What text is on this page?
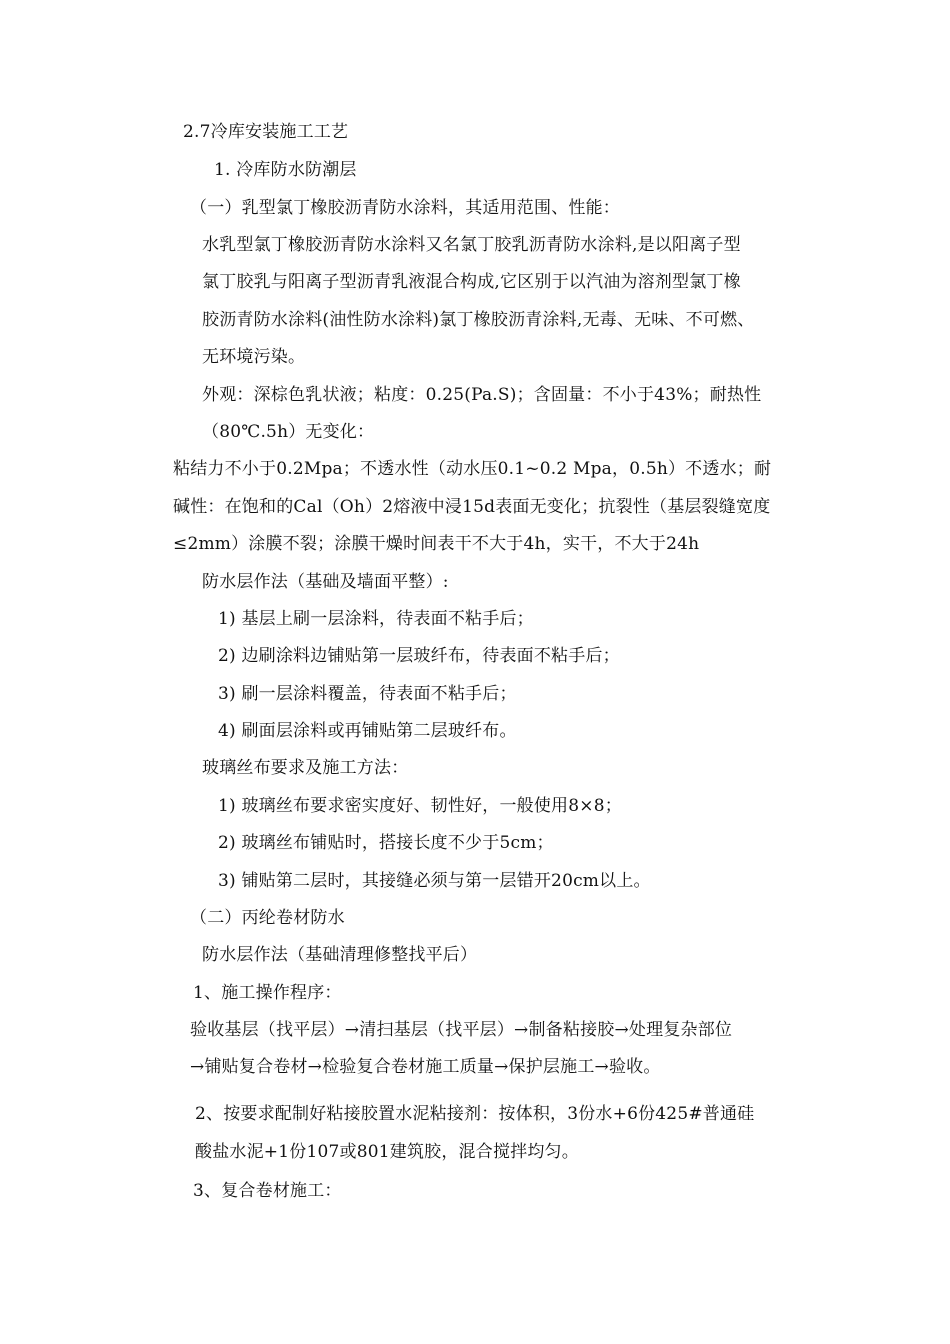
2.7冷库安装施工工艺
1. 冷库防水防潮层
（一）乳型氯丁橡胶沥青防水涂料，其适用范围、性能：
水乳型氯丁橡胶沥青防水涂料又名氯丁胶乳沥青防水涂料,是以阳离子型
氯丁胶乳与阳离子型沥青乳液混合构成,它区别于以汽油为溶剂型氯丁橡
胶沥青防水涂料(油性防水涂料)氯丁橡胶沥青涂料,无毒、无味、不可燃、
无环境污染。
外观：深棕色乳状液；粘度：0.25(Pa.S)；含固量：不小于43%；耐热性
（80℃.5h）无变化：
粘结力不小于0.2Mpa；不透水性（动水压0.1~0.2 Mpa，0.5h）不透水；耐
碱性：在饱和的Cal（Oh）2熔液中浸15d表面无变化；抗裂性（基层裂缝宽度
≤2mm）涂膜不裂；涂膜干燥时间表干不大于4h，实干，不大于24h
防水层作法（基础及墙面平整）:
1) 基层上刷一层涂料，待表面不粘手后；
2) 边刷涂料边铺贴第一层玻纤布，待表面不粘手后；
3) 刷一层涂料覆盖，待表面不粘手后；
4) 刷面层涂料或再铺贴第二层玻纤布。
玻璃丝布要求及施工方法：
1) 玻璃丝布要求密实度好、韧性好，一般使用8×8；
2) 玻璃丝布铺贴时，搭接长度不少于5cm；
3) 铺贴第二层时，其接缝必须与第一层错开20cm以上。
（二）丙纶卷材防水
防水层作法（基础清理修整找平后）
1、施工操作程序：
验收基层（找平层）→清扫基层（找平层）→制备粘接胶→处理复杂部位
→铺贴复合卷材→检验复合卷材施工质量→保护层施工→验收。
2、按要求配制好粘接胶置水泥粘接剂：按体积，3份水+6份425#普通硅
酸盐水泥+1份107或801建筑胶，混合搅拌均匀。
3、复合卷材施工：
